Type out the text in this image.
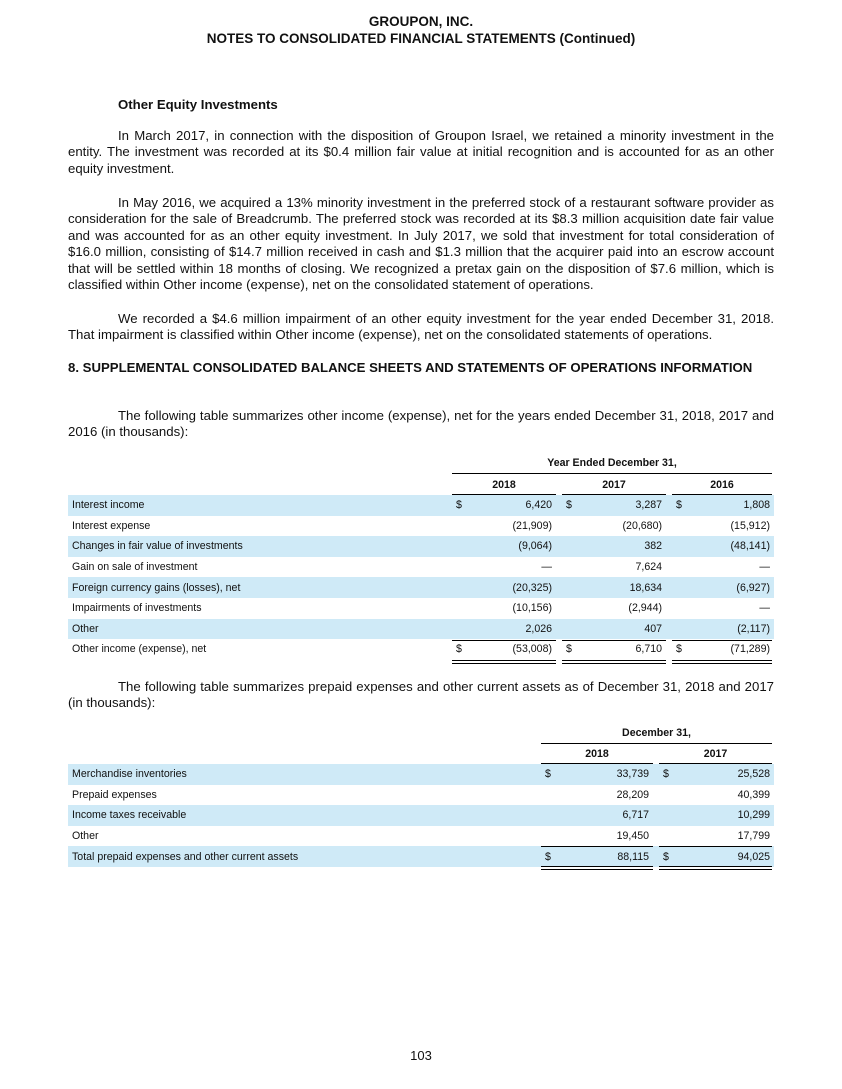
GROUPON, INC.
NOTES TO CONSOLIDATED FINANCIAL STATEMENTS (Continued)
Other Equity Investments

In March 2017, in connection with the disposition of Groupon Israel, we retained a minority investment in the entity. The investment was recorded at its $0.4 million fair value at initial recognition and is accounted for as an other equity investment.

In May 2016, we acquired a 13% minority investment in the preferred stock of a restaurant software provider as consideration for the sale of Breadcrumb. The preferred stock was recorded at its $8.3 million acquisition date fair value and was accounted for as an other equity investment. In July 2017, we sold that investment for total consideration of $16.0 million, consisting of $14.7 million received in cash and $1.3 million that the acquirer paid into an escrow account that will be settled within 18 months of closing. We recognized a pretax gain on the disposition of $7.6 million, which is classified within Other income (expense), net on the consolidated statement of operations.

We recorded a $4.6 million impairment of an other equity investment for the year ended December 31, 2018. That impairment is classified within Other income (expense), net on the consolidated statements of operations.

8. SUPPLEMENTAL CONSOLIDATED BALANCE SHEETS AND STATEMENTS OF OPERATIONS INFORMATION

The following table summarizes other income (expense), net for the years ended December 31, 2018, 2017 and 2016 (in thousands):

Year Ended December 31,
2018	2017	2016
Interest income	$	6,420		$	3,287		$	1,808
Interest expense		(21,909)			(20,680)			(15,912)
Changes in fair value of investments		(9,064)			382			(48,141)
Gain on sale of investment		—			7,624			—
Foreign currency gains (losses), net		(20,325)			18,634			(6,927)
Impairments of investments		(10,156)			(2,944)			—
Other		2,026			407			(2,117)
Other income (expense), net	$	(53,008)		$	6,710		$	(71,289)

The following table summarizes prepaid expenses and other current assets as of December 31, 2018 and 2017 (in thousands):

December 31,
2018	2017
Merchandise inventories	$	33,739		$	25,528
Prepaid expenses		28,209			40,399
Income taxes receivable		6,717			10,299
Other		19,450			17,799
Total prepaid expenses and other current assets	$	88,115		$	94,025
103
